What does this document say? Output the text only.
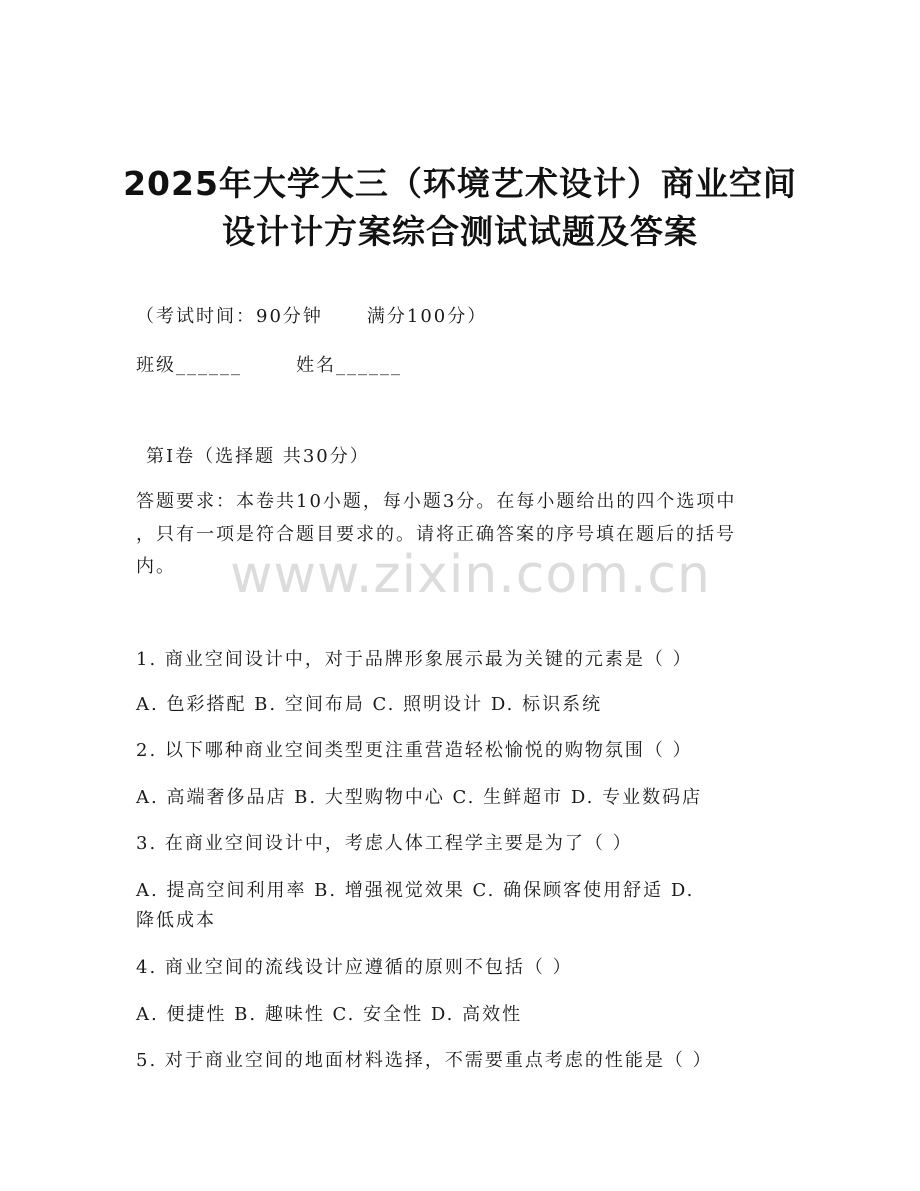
2025年大学大三（环境艺术设计）商业空间
设计计方案综合测试试题及答案
（考试时间：90分钟 满分100分）
班级______	姓名______
第Ⅰ卷（选择题 共30分）
答题要求：本卷共10小题，每小题3分。在每小题给出的四个选项中
，只有一项是符合题目要求的。请将正确答案的序号填在题后的括号
内。 www.zixin.com.cn
1. 商业空间设计中，对于品牌形象展示最为关键的元素是（ ）
A. 色彩搭配 B. 空间布局 C. 照明设计 D. 标识系统
2. 以下哪种商业空间类型更注重营造轻松愉悦的购物氛围（ ）
A. 高端奢侈品店 B. 大型购物中心 C. 生鲜超市 D. 专业数码店
3. 在商业空间设计中，考虑人体工程学主要是为了（ ）
A. 提高空间利用率 B. 增强视觉效果 C. 确保顾客使用舒适 D.
降低成本
4. 商业空间的流线设计应遵循的原则不包括（ ）
A. 便捷性 B. 趣味性 C. 安全性 D. 高效性
5. 对于商业空间的地面材料选择，不需要重点考虑的性能是（ ）
